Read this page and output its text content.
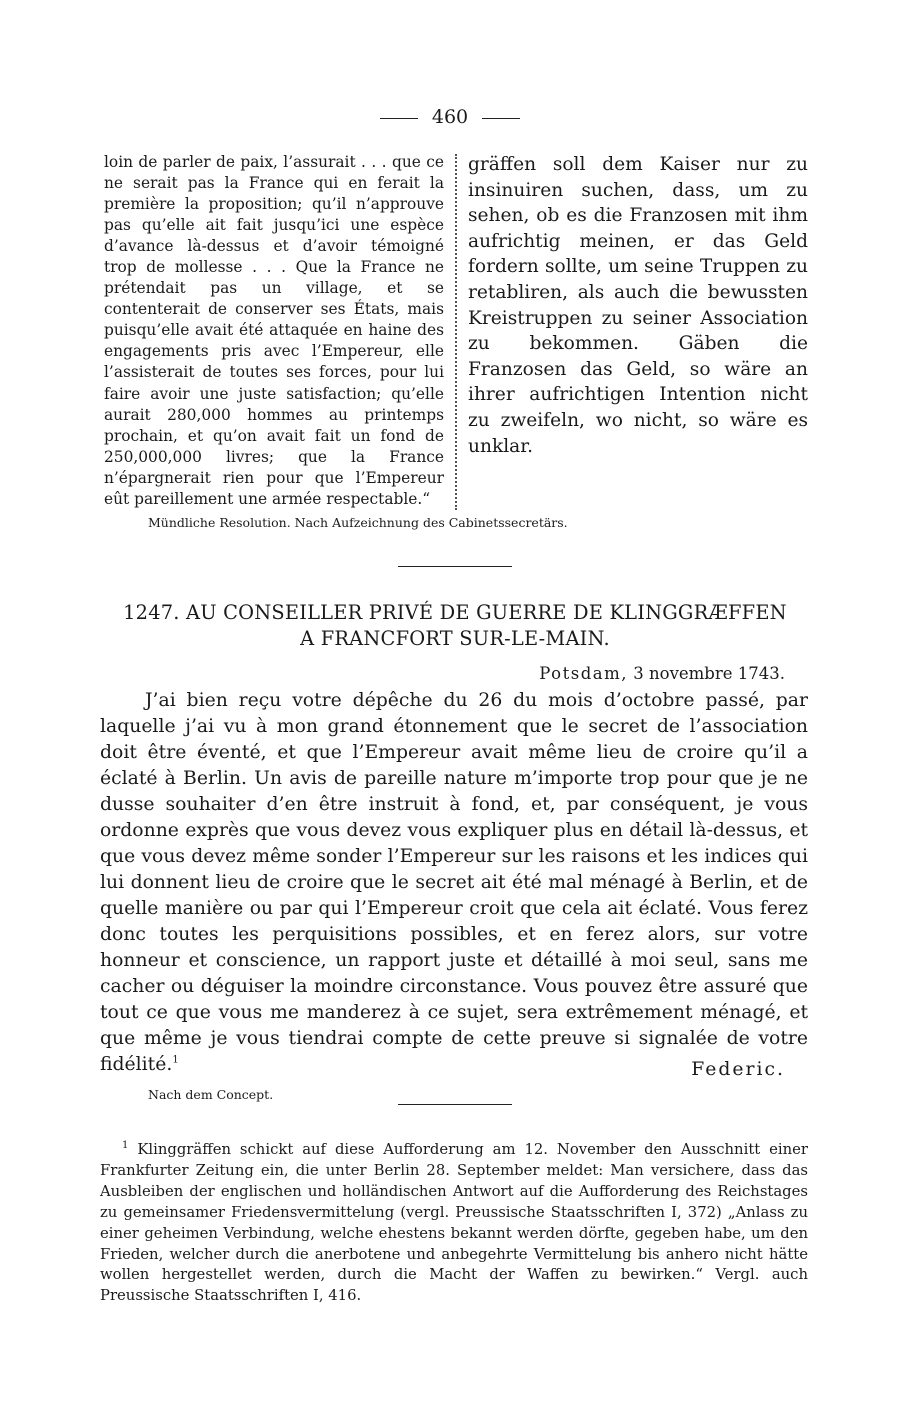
460
loin de parler de paix, l’assurait . . . que ce ne serait pas la France qui en ferait la première la proposition; qu’il n’approuve pas qu’elle ait fait jusqu’ici une espèce d’avance là-dessus et d’avoir témoigné trop de mollesse . . . Que la France ne prétendait pas un village, et se contenterait de conserver ses États, mais puisqu’elle avait été attaquée en haine des engagements pris avec l’Empereur, elle l’assisterait de toutes ses forces, pour lui faire avoir une juste satisfaction; qu’elle aurait 280,000 hommes au printemps prochain, et qu’on avait fait un fond de 250,000,000 livres; que la France n’épargnerait rien pour que l’Empereur eût pareillement une armée respectable.“
gräffen soll dem Kaiser nur zu insinuiren suchen, dass, um zu sehen, ob es die Franzosen mit ihm aufrichtig meinen, er das Geld fordern sollte, um seine Truppen zu retabliren, als auch die bewussten Kreistruppen zu seiner Association zu bekommen. Gäben die Franzosen das Geld, so wäre an ihrer aufrichtigen Intention nicht zu zweifeln, wo nicht, so wäre es unklar.
Mündliche Resolution. Nach Aufzeichnung des Cabinetssecretärs.
1247. AU CONSEILLER PRIVÉ DE GUERRE DE KLINGGRÆFFEN
A FRANCFORT SUR-LE-MAIN.
Potsdam, 3 novembre 1743.
J’ai bien reçu votre dépêche du 26 du mois d’octobre passé, par laquelle j’ai vu à mon grand étonnement que le secret de l’association doit être éventé, et que l’Empereur avait même lieu de croire qu’il a éclaté à Berlin. Un avis de pareille nature m’importe trop pour que je ne dusse souhaiter d’en être instruit à fond, et, par conséquent, je vous ordonne exprès que vous devez vous expliquer plus en détail là-dessus, et que vous devez même sonder l’Empereur sur les raisons et les indices qui lui donnent lieu de croire que le secret ait été mal ménagé à Berlin, et de quelle manière ou par qui l’Empereur croit que cela ait éclaté. Vous ferez donc toutes les perquisitions possibles, et en ferez alors, sur votre honneur et conscience, un rapport juste et détaillé à moi seul, sans me cacher ou déguiser la moindre circonstance. Vous pouvez être assuré que tout ce que vous me manderez à ce sujet, sera extrêmement ménagé, et que même je vous tiendrai compte de cette preuve si signalée de votre fidélité.$^1$	Federic.
Nach dem Concept.
$^1$ Klinggräffen schickt auf diese Aufforderung am 12. November den Ausschnitt einer Frankfurter Zeitung ein, die unter Berlin 28. September meldet: Man versichere, dass das Ausbleiben der englischen und holländischen Antwort auf die Aufforderung des Reichstages zu gemeinsamer Friedensvermittelung (vergl. Preussische Staatsschriften I, 372) „Anlass zu einer geheimen Verbindung, welche ehestens bekannt werden dörfte, gegeben habe, um den Frieden, welcher durch die anerbotene und anbegehrte Vermittelung bis anhero nicht hätte wollen hergestellet werden, durch die Macht der Waffen zu bewirken.“ Vergl. auch Preussische Staatsschriften I, 416.
